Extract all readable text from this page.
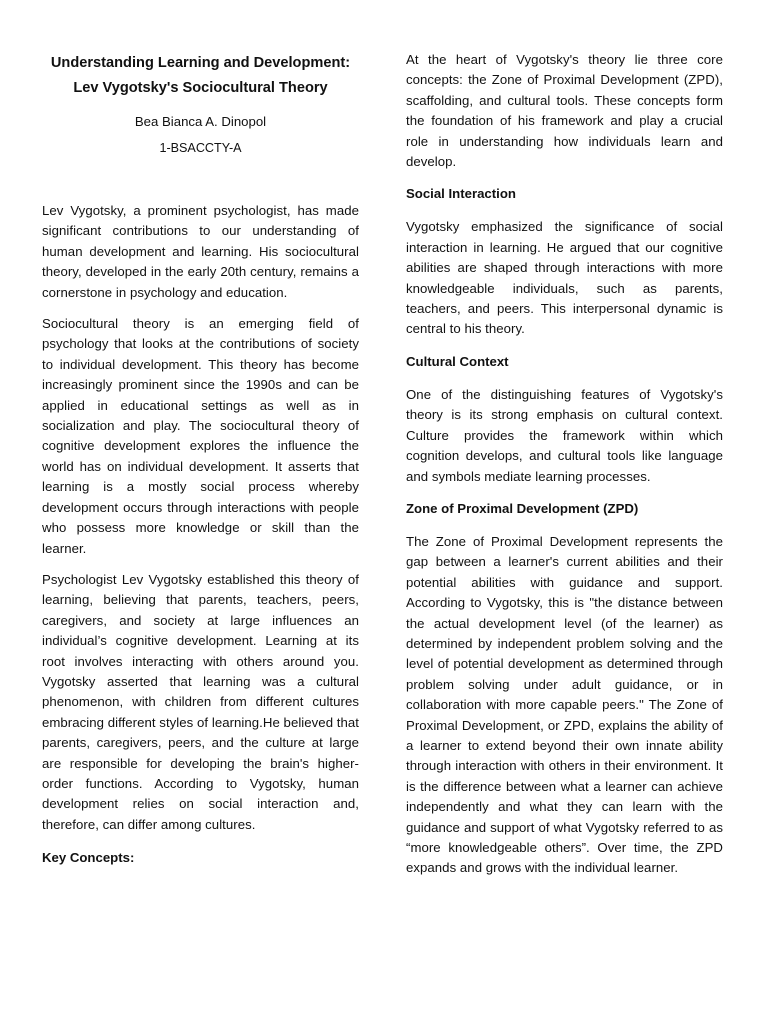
Understanding Learning and Development: Lev Vygotsky's Sociocultural Theory
Bea Bianca A. Dinopol
1-BSACCTY-A

Lev Vygotsky, a prominent psychologist, has made significant contributions to our understanding of human development and learning. His sociocultural theory, developed in the early 20th century, remains a cornerstone in psychology and education.

Sociocultural theory is an emerging field of psychology that looks at the contributions of society to individual development. This theory has become increasingly prominent since the 1990s and can be applied in educational settings as well as in socialization and play. The sociocultural theory of cognitive development explores the influence the world has on individual development. It asserts that learning is a mostly social process whereby development occurs through interactions with people who possess more knowledge or skill than the learner.

Psychologist Lev Vygotsky established this theory of learning, believing that parents, teachers, peers, caregivers, and society at large influences an individual’s cognitive development. Learning at its root involves interacting with others around you. Vygotsky asserted that learning was a cultural phenomenon, with children from different cultures embracing different styles of learning.He believed that parents, caregivers, peers, and the culture at large are responsible for developing the brain's higher-order functions. According to Vygotsky, human development relies on social interaction and, therefore, can differ among cultures.

Key Concepts:

At the heart of Vygotsky's theory lie three core concepts: the Zone of Proximal Development (ZPD), scaffolding, and cultural tools. These concepts form the foundation of his framework and play a crucial role in understanding how individuals learn and develop.

Social Interaction

Vygotsky emphasized the significance of social interaction in learning. He argued that our cognitive abilities are shaped through interactions with more knowledgeable individuals, such as parents, teachers, and peers. This interpersonal dynamic is central to his theory.

Cultural Context

One of the distinguishing features of Vygotsky's theory is its strong emphasis on cultural context. Culture provides the framework within which cognition develops, and cultural tools like language and symbols mediate learning processes.

Zone of Proximal Development (ZPD)

The Zone of Proximal Development represents the gap between a learner's current abilities and their potential abilities with guidance and support. According to Vygotsky, this is "the distance between the actual development level (of the learner) as determined by independent problem solving and the level of potential development as determined through problem solving under adult guidance, or in collaboration with more capable peers." The Zone of Proximal Development, or ZPD, explains the ability of a learner to extend beyond their own innate ability through interaction with others in their environment. It is the difference between what a learner can achieve independently and what they can learn with the guidance and support of what Vygotsky referred to as “more knowledgeable others”. Over time, the ZPD expands and grows with the individual learner.
